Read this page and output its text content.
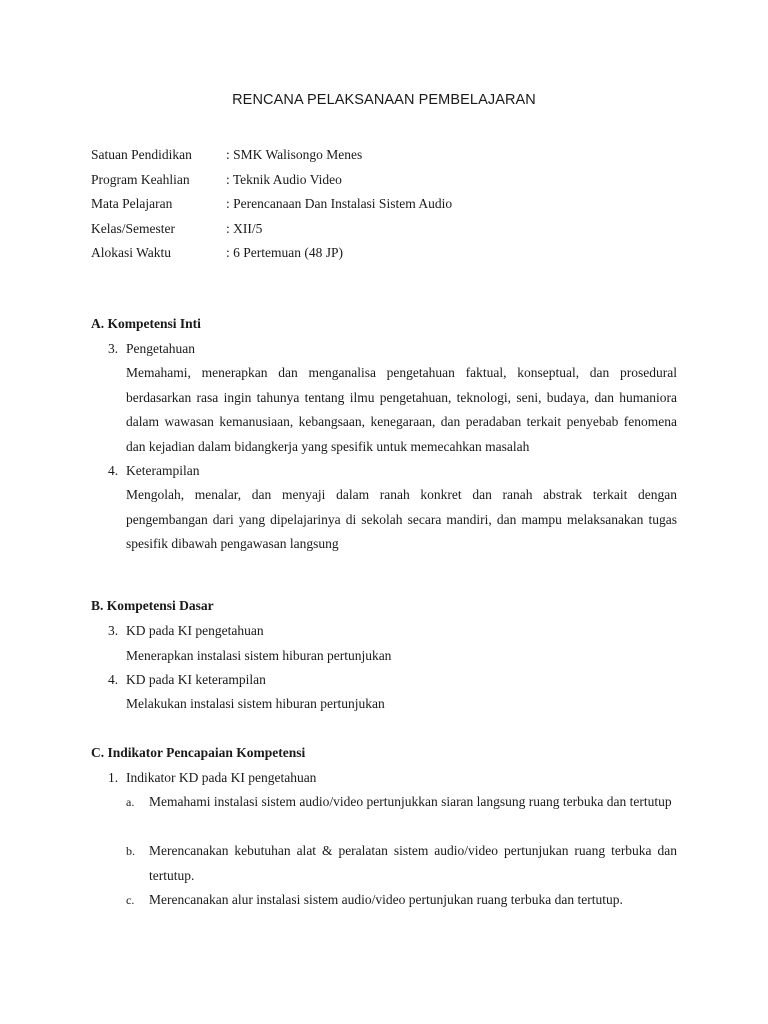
RENCANA PELAKSANAAN PEMBELAJARAN
Satuan Pendidikan	: SMK Walisongo Menes
Program Keahlian	: Teknik Audio Video
Mata Pelajaran	: Perencanaan Dan Instalasi Sistem Audio
Kelas/Semester	: XII/5
Alokasi Waktu	: 6 Pertemuan (48 JP)
A. Kompetensi Inti
3. Pengetahuan

Memahami, menerapkan dan menganalisa pengetahuan faktual, konseptual, dan prosedural berdasarkan rasa ingin tahunya tentang ilmu pengetahuan, teknologi, seni, budaya, dan humaniora dalam wawasan kemanusiaan, kebangsaan, kenegaraan, dan peradaban terkait penyebab fenomena dan kejadian dalam bidangkerja yang spesifik untuk memecahkan masalah

4. Keterampilan

Mengolah, menalar, dan menyaji dalam ranah konkret dan ranah abstrak terkait dengan pengembangan dari yang dipelajarinya di sekolah secara mandiri, dan mampu melaksanakan tugas spesifik dibawah pengawasan langsung

B. Kompetensi Dasar
3. KD pada KI pengetahuan
Menerapkan instalasi sistem hiburan pertunjukan
4. KD pada KI keterampilan
Melakukan instalasi sistem hiburan pertunjukan
C. Indikator Pencapaian Kompetensi
1. Indikator KD pada KI pengetahuan
a. Memahami instalasi sistem audio/video pertunjukkan siaran langsung ruang terbuka dan tertutup

b. Merencanakan kebutuhan alat & peralatan sistem audio/video pertunjukan ruang terbuka dan tertutup.

c. Merencanakan alur instalasi sistem audio/video pertunjukan ruang terbuka dan tertutup.
